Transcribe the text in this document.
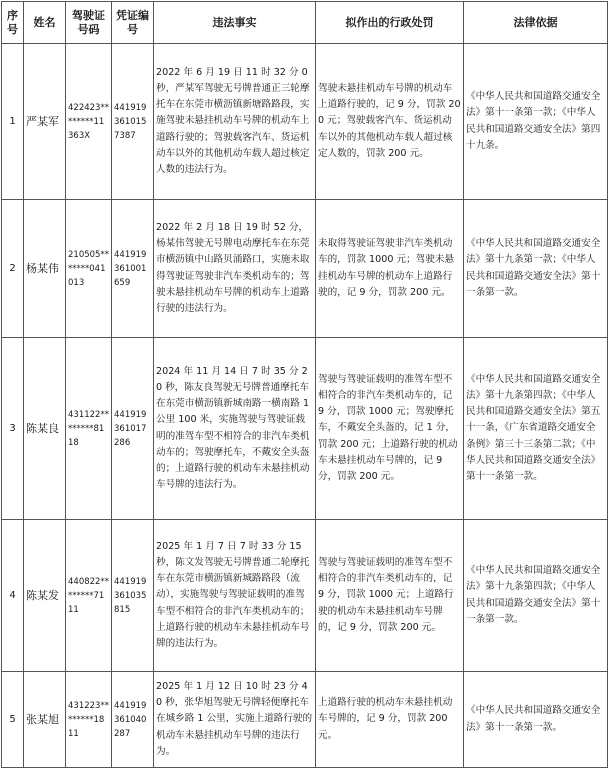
序号	姓名	驾驶证号码	凭证编号	违法事实	拟作出的行政处罚	法律依据
1	严某军	422423********11363X	4419193610157387	2022 年 6 月 19 日 11 时 32 分 0 秒，严某军驾驶无号牌普通正三轮摩托车在东莞市横沥镇新塘路路段，实施驾驶未悬挂机动车号牌的机动车上道路行驶的；驾驶载客汽车、货运机动车以外的其他机动车载人超过核定人数的违法行为。	驾驶未悬挂机动车号牌的机动车上道路行驶的，记 9 分，罚款 200 元；驾驶载客汽车、货运机动车以外的其他机动车载人超过核定人数的，罚款 200 元。	《中华人民共和国道路交通安全法》第十一条第一款；《中华人民共和国道路交通安全法》第四十九条。
2	杨某伟	210505*******041013	441919361001659	2022 年 2 月 18 日 19 时 52 分，杨某伟驾驶无号牌电动摩托车在东莞市横沥镇中山路贝涌路口，实施未取得驾驶证驾驶非汽车类机动车的；驾驶未悬挂机动车号牌的机动车上道路行驶的违法行为。	未取得驾驶证驾驶非汽车类机动车的，罚款 1000 元；驾驶未悬挂机动车号牌的机动车上道路行驶的，记 9 分，罚款 200 元。	《中华人民共和国道路交通安全法》第十九条第一款；《中华人民共和国道路交通安全法》第十一条第一款。
3	陈某良	431122********8118	441919361017286	2024 年 11 月 14 日 7 时 35 分 20 秒，陈友良驾驶无号牌普通摩托车在东莞市横沥镇新城南路一横南路 1 公里 100 米，实施驾驶与驾驶证载明的准驾车型不相符合的非汽车类机动车的；驾驶摩托车，不戴安全头盔的；上道路行驶的机动车未悬挂机动车号牌的违法行为。	驾驶与驾驶证载明的准驾车型不相符合的非汽车类机动车的，记 9 分，罚款 1000 元；驾驶摩托车，不戴安全头盔的，记 1 分，罚款 200 元；上道路行驶的机动车未悬挂机动车号牌的，记 9 分，罚款 200 元。	《中华人民共和国道路交通安全法》第十九条第四款；《中华人民共和国道路交通安全法》第五十一条，《广东省道路交通安全条例》第三十三条第二款；《中华人民共和国道路交通安全法》第十一条第一款。
4	陈某发	440822********7111	441919361035815	2025 年 1 月 7 日 7 时 33 分 15 秒，陈文发驾驶无号牌普通二轮摩托车在东莞市横沥镇新城路路段（流动），实施驾驶与驾驶证载明的准驾车型不相符合的非汽车类机动车的；上道路行驶的机动车未悬挂机动车号牌的违法行为。	驾驶与驾驶证载明的准驾车型不相符合的非汽车类机动车的，记 9 分，罚款 1000 元；上道路行驶的机动车未悬挂机动车号牌的，记 9 分，罚款 200 元。	《中华人民共和国道路交通安全法》第十九条第四款；《中华人民共和国道路交通安全法》第十一条第一款。
5	张某旭	431223********1811	441919361040287	2025 年 1 月 12 日 10 时 23 分 40 秒，张华旭驾驶无号牌轻便摩托车在城乡路 1 公里，实施上道路行驶的机动车未悬挂机动车号牌的违法行为。	上道路行驶的机动车未悬挂机动车号牌的，记 9 分，罚款 200 元。	《中华人民共和国道路交通安全法》第十一条第一款。
